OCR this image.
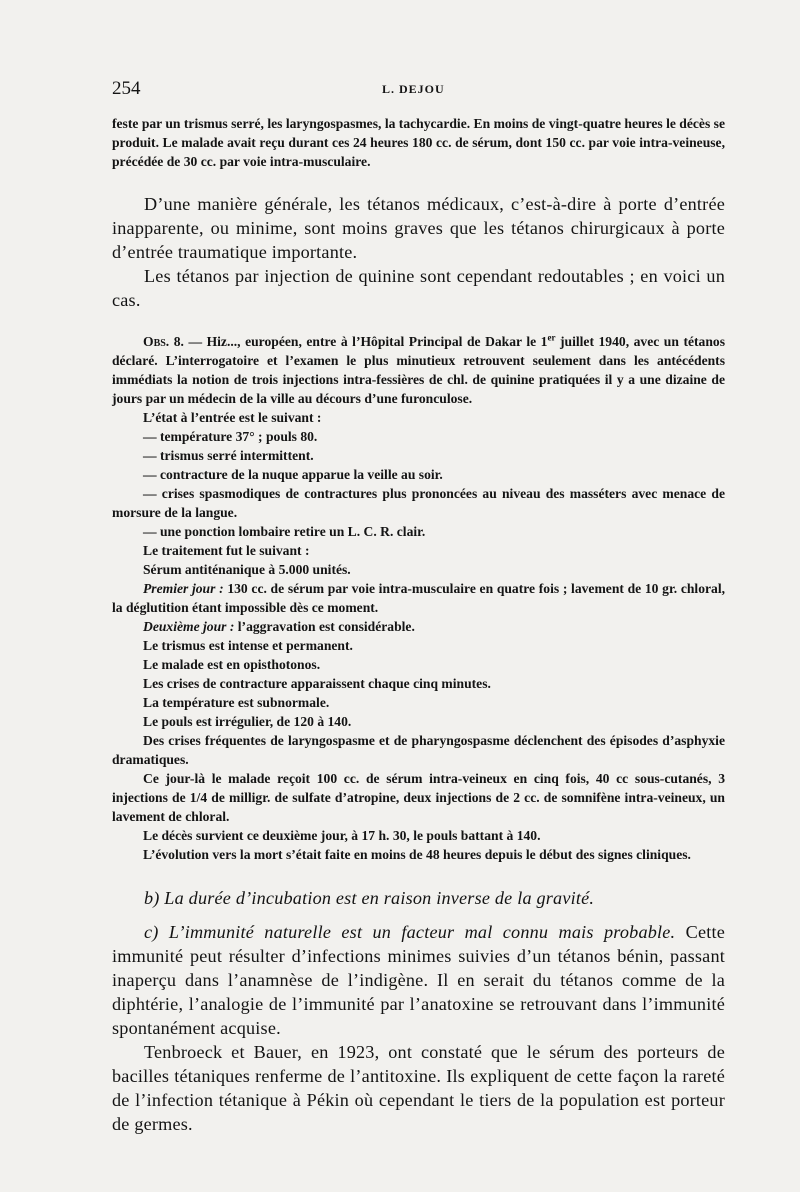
254	L. DEJOU

feste par un trismus serré, les laryngospasmes, la tachycardie. En moins de vingt-quatre heures le décès se produit. Le malade avait reçu durant ces 24 heures 180 cc. de sérum, dont 150 cc. par voie intra-veineuse, précédée de 30 cc. par voie intra-musculaire.

D’une manière générale, les tétanos médicaux, c’est-à-dire à porte d’entrée inapparente, ou minime, sont moins graves que les tétanos chirurgicaux à porte d’entrée traumatique importante.

Les tétanos par injection de quinine sont cependant redoutables ; en voici un cas.

Obs. 8. — Hiz..., européen, entre à l’Hôpital Principal de Dakar le 1er juillet 1940, avec un tétanos déclaré. L’interrogatoire et l’examen le plus minutieux retrouvent seulement dans les antécédents immédiats la notion de trois injections intra-fessières de chl. de quinine pratiquées il y a une dizaine de jours par un médecin de la ville au décours d’une furonculose.

L’état à l’entrée est le suivant :

— température 37° ; pouls 80.

— trismus serré intermittent.

— contracture de la nuque apparue la veille au soir.

— crises spasmodiques de contractures plus prononcées au niveau des masséters avec menace de morsure de la langue.

— une ponction lombaire retire un L. C. R. clair.

Le traitement fut le suivant :

Sérum antiténanique à 5.000 unités.

Premier jour : 130 cc. de sérum par voie intra-musculaire en quatre fois ; lavement de 10 gr. chloral, la déglutition étant impossible dès ce moment.

Deuxième jour : l’aggravation est considérable.

Le trismus est intense et permanent.

Le malade est en opisthotonos.

Les crises de contracture apparaissent chaque cinq minutes.

La température est subnormale.

Le pouls est irrégulier, de 120 à 140.

Des crises fréquentes de laryngospasme et de pharyngospasme déclenchent des épisodes d’asphyxie dramatiques.

Ce jour-là le malade reçoit 100 cc. de sérum intra-veineux en cinq fois, 40 cc sous-cutanés, 3 injections de 1/4 de milligr. de sulfate d’atropine, deux injections de 2 cc. de somnifène intra-veineux, un lavement de chloral.

Le décès survient ce deuxième jour, à 17 h. 30, le pouls battant à 140.

L’évolution vers la mort s’était faite en moins de 48 heures depuis le début des signes cliniques.

b) La durée d’incubation est en raison inverse de la gravité.

c) L’immunité naturelle est un facteur mal connu mais probable. Cette immunité peut résulter d’infections minimes suivies d’un tétanos bénin, passant inaperçu dans l’anamnèse de l’indigène. Il en serait du tétanos comme de la diphtérie, l’analogie de l’immunité par l’anatoxine se retrouvant dans l’immunité spontanément acquise.

Tenbroeck et Bauer, en 1923, ont constaté que le sérum des porteurs de bacilles tétaniques renferme de l’antitoxine. Ils expliquent de cette façon la rareté de l’infection tétanique à Pékin où cependant le tiers de la population est porteur de germes.
